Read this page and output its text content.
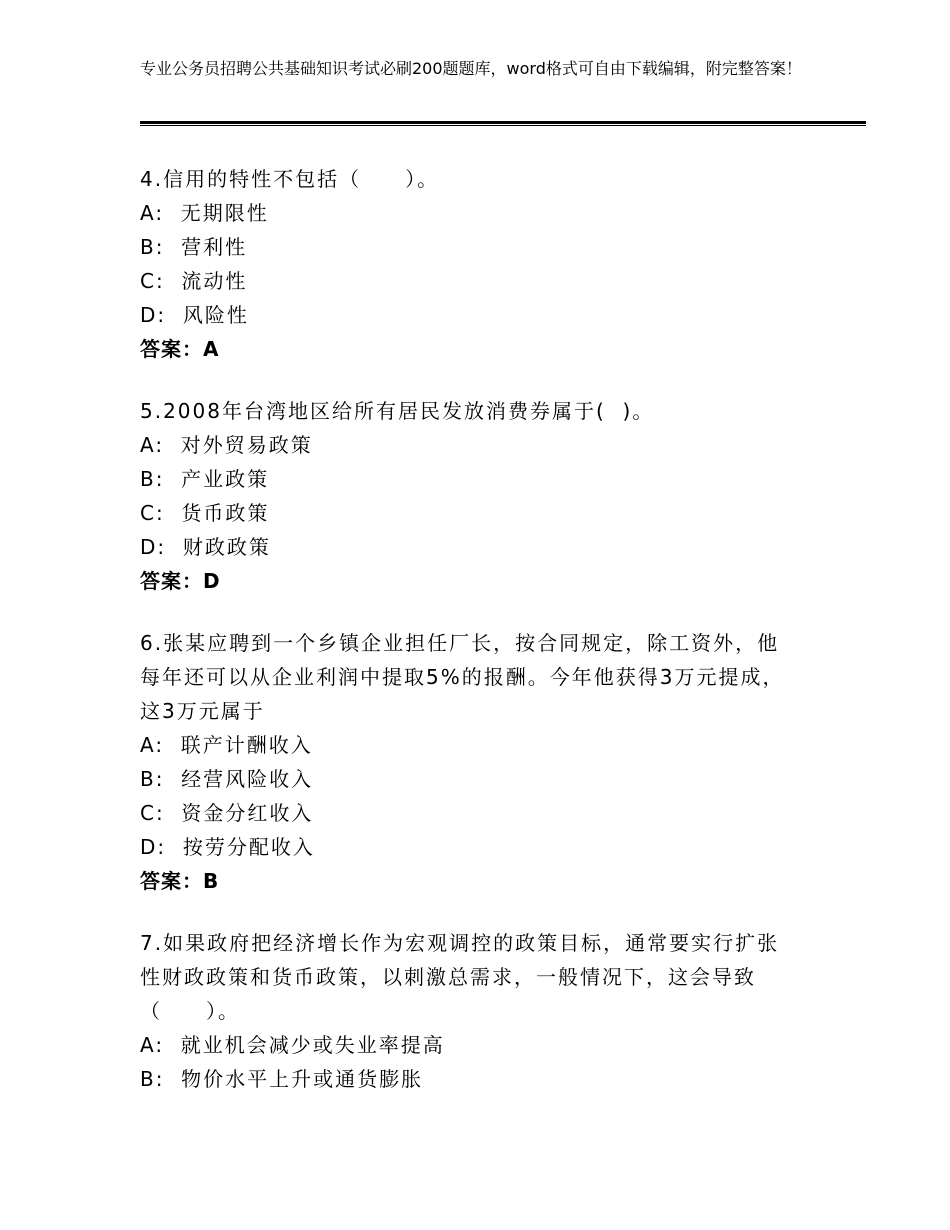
专业公务员招聘公共基础知识考试必刷200题题库，word格式可自由下载编辑，附完整答案！
4.信用的特性不包括（　　）。
A:  无期限性
B:  营利性
C:  流动性
D:  风险性
答案：A
5.2008年台湾地区给所有居民发放消费券属于(  )。
A:  对外贸易政策
B:  产业政策
C:  货币政策
D:  财政政策
答案：D
6.张某应聘到一个乡镇企业担任厂长，按合同规定，除工资外，他每年还可以从企业利润中提取5%的报酬。今年他获得3万元提成，这3万元属于
A:  联产计酬收入
B:  经营风险收入
C:  资金分红收入
D:  按劳分配收入
答案：B
7.如果政府把经济增长作为宏观调控的政策目标，通常要实行扩张性财政政策和货币政策，以刺激总需求，一般情况下，这会导致（　　）。
A:  就业机会减少或失业率提高
B:  物价水平上升或通货膨胀
